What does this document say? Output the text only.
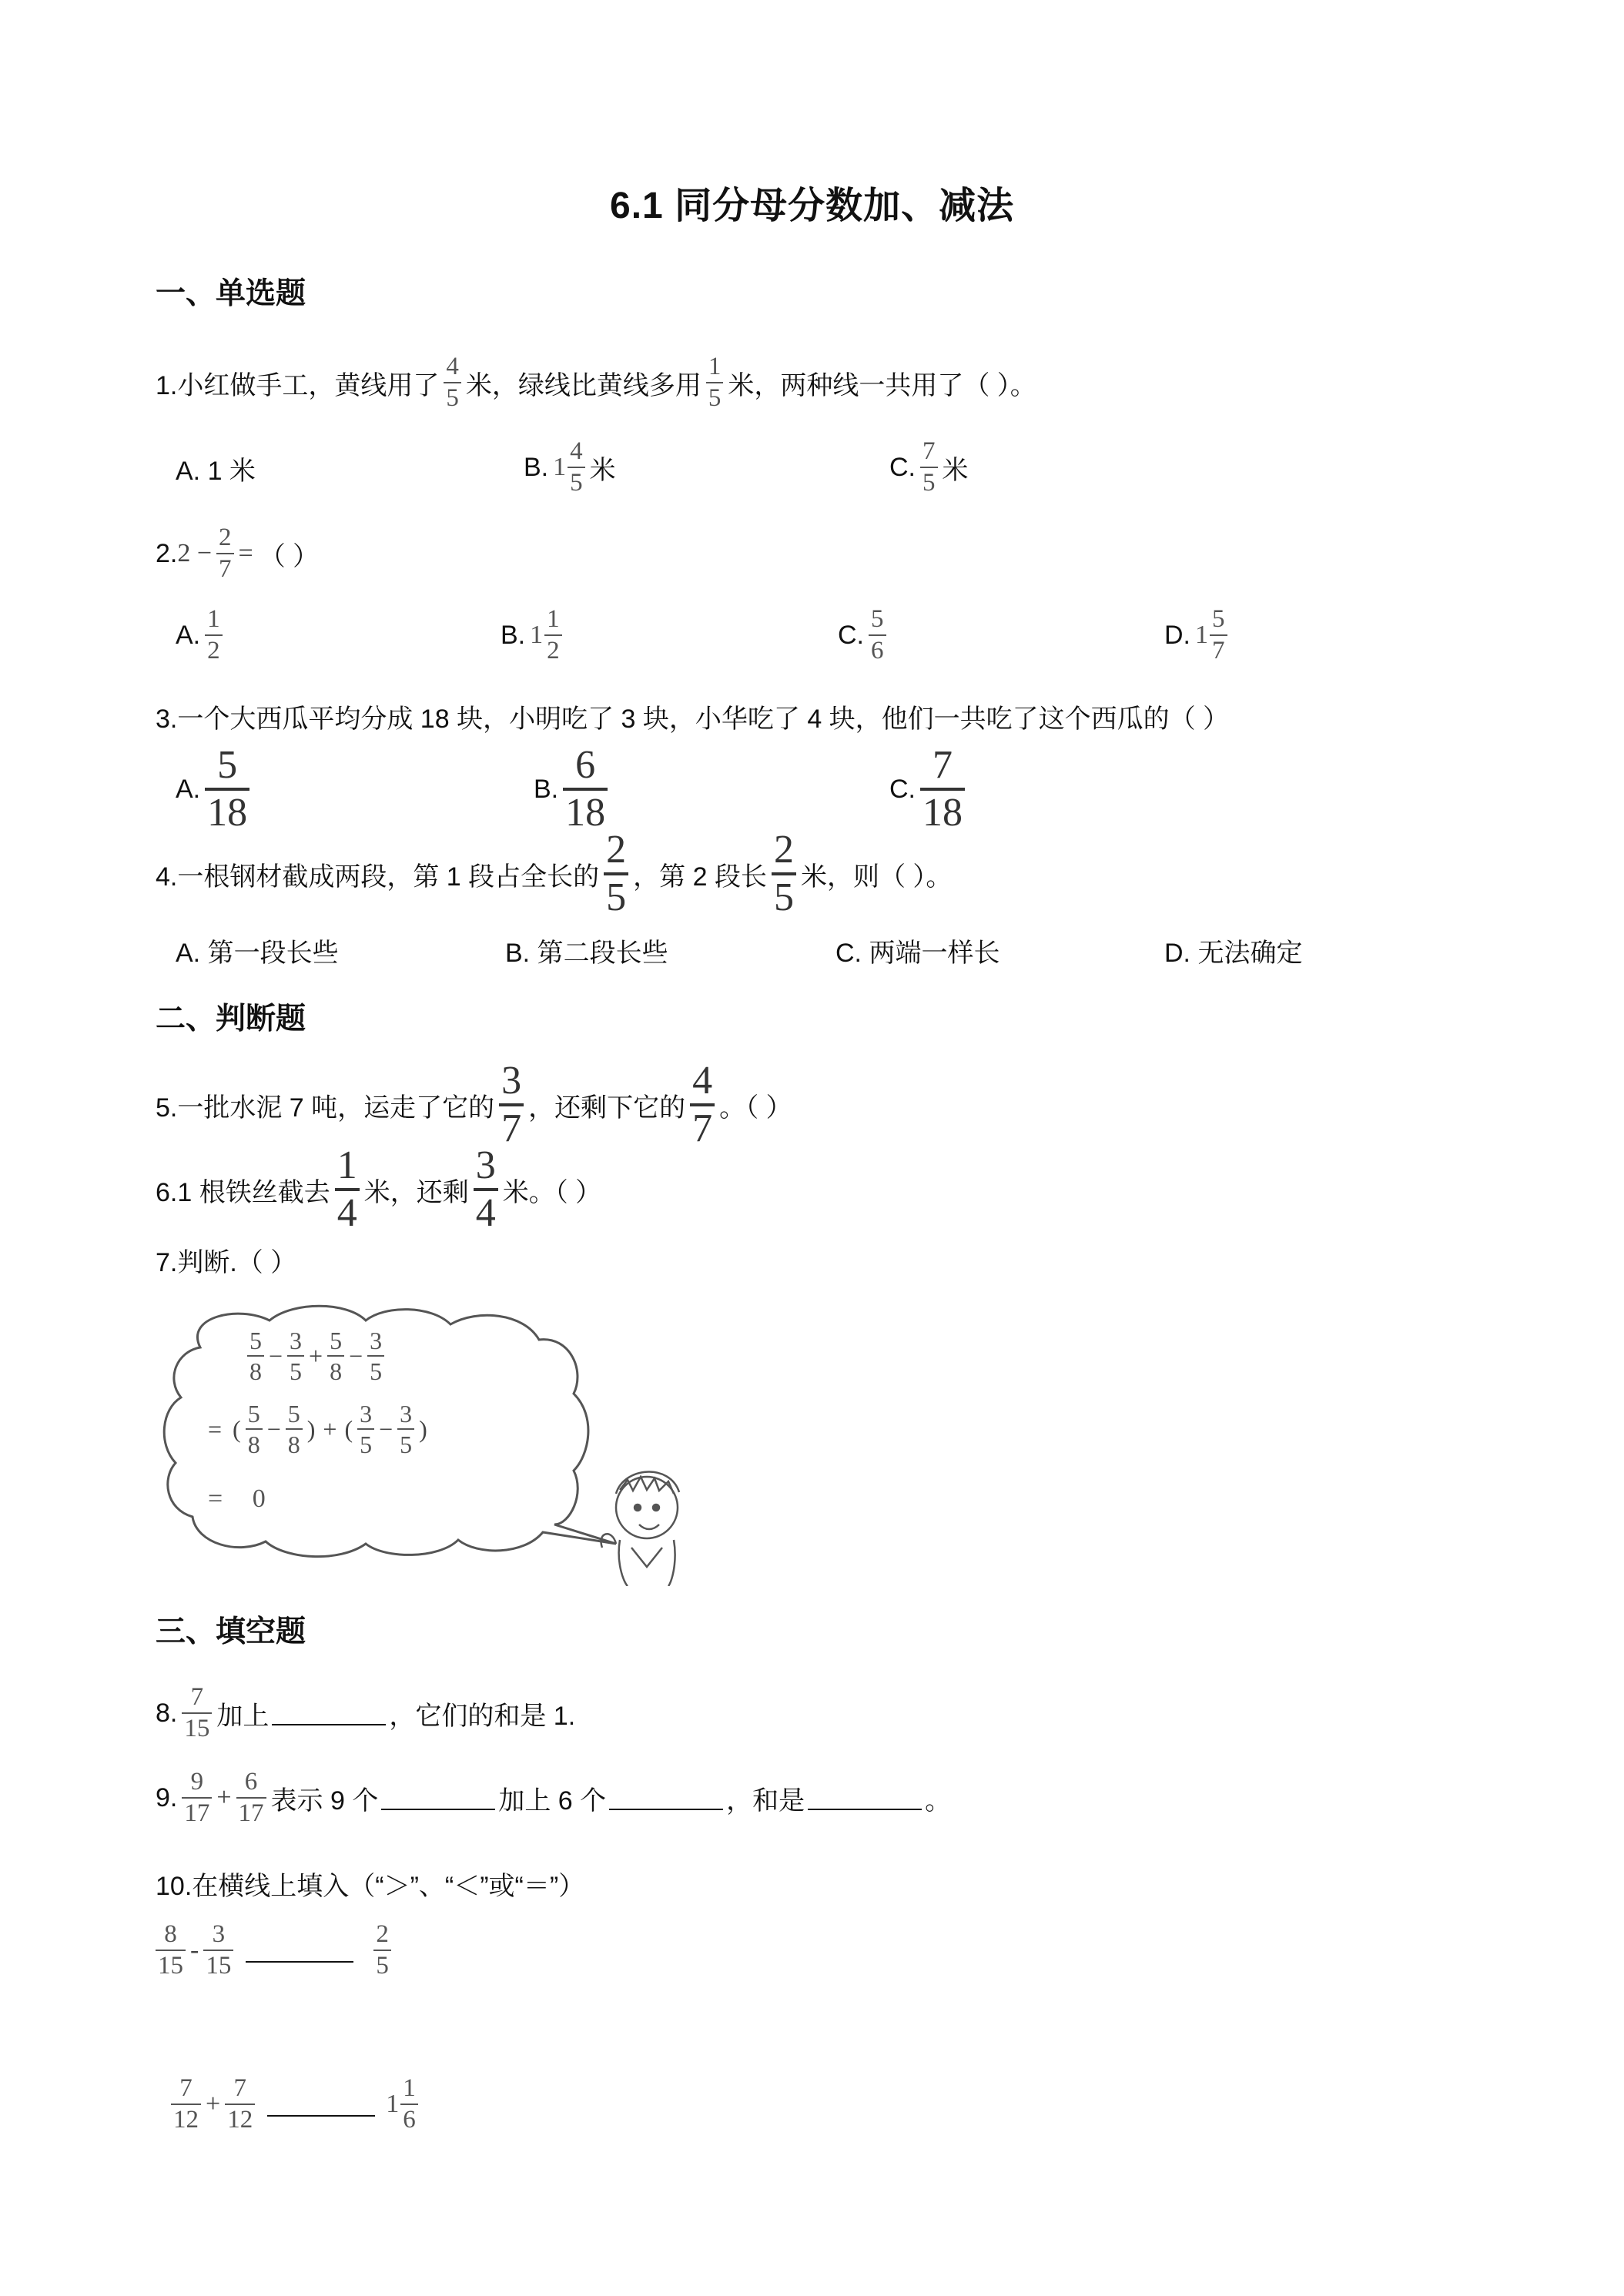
6.1 同分母分数加、减法
一、单选题
1.小红做手工，黄线用了 $\frac{4}{5}$ 米，绿线比黄线多用 $\frac{1}{5}$ 米，两种线一共用了（ ）。
A. 1 米	B. $1 \frac{4}{5}$ 米	C. $\frac{7}{5}$ 米
2. $2 - \frac{2}{7}$ = （ ）
A. $\frac{1}{2}$	B. $1 \frac{1}{2}$	C. $\frac{5}{6}$	D. $1 \frac{5}{7}$
3.一个大西瓜平均分成 18 块，小明吃了 3 块，小华吃了 4 块，他们一共吃了这个西瓜的（ ）
A. $\frac{5}{18}$	B. $\frac{6}{18}$	C. $\frac{7}{18}$
4.一根钢材截成两段，第 1 段占全长的 $\frac{2}{5}$ ，第 2 段长 $\frac{2}{5}$ 米，则（ ）。
A. 第一段长些	B. 第二段长些	C. 两端一样长	D. 无法确定
二、判断题
5.一批水泥 7 吨，运走了它的 $\frac{3}{7}$ ，还剩下它的 $\frac{4}{7}$ 。（ ）
6.1 根铁丝截去 $\frac{1}{4}$ 米，还剩 $\frac{3}{4}$ 米。（ ）
7.判断.（ ）
$\frac{5}{8} - \frac{3}{5} + \frac{5}{8} - \frac{3}{5}$
= ( $\frac{5}{8} - \frac{5}{8}$ ) + ( $\frac{3}{5} - \frac{3}{5}$ )
= 0
三、填空题
8. $\frac{7}{15}$ 加上	，它们的和是 1.
9. $\frac{9}{17} + \frac{6}{17}$ 表示 9 个	加上 6 个	，和是	。
10.在横线上填入（“＞”、“＜”或“＝”）
$\frac{8}{15} - \frac{3}{15}$	$\frac{2}{5}$
$\frac{7}{12} + \frac{7}{12}$	$1 \frac{1}{6}$
